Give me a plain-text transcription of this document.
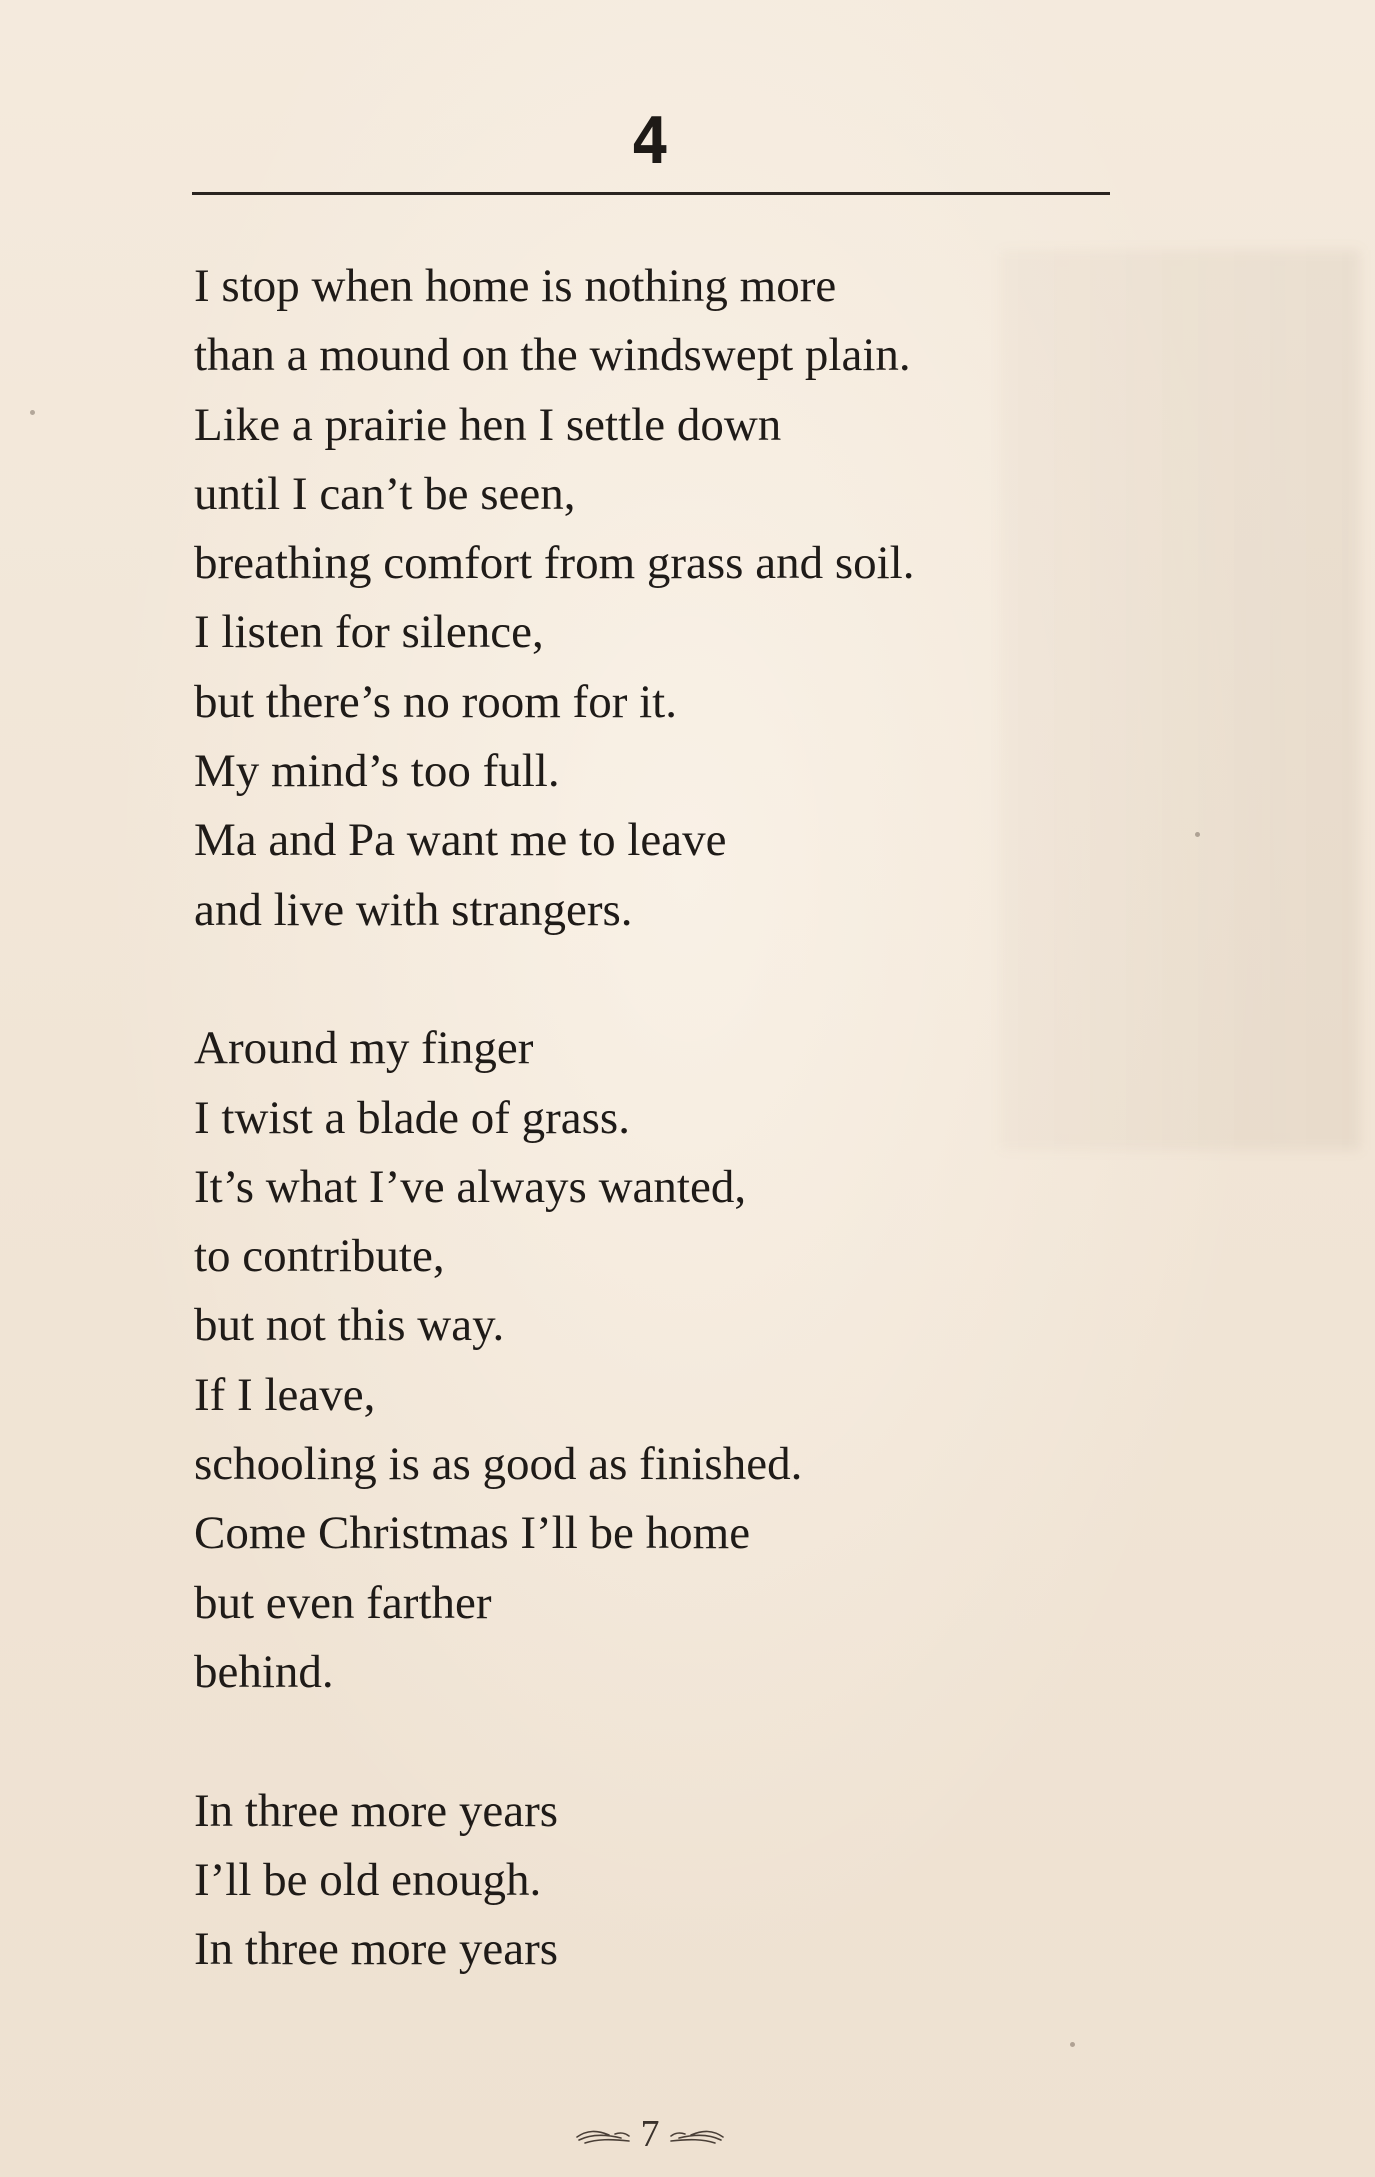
4
I stop when home is nothing more
than a mound on the windswept plain.
Like a prairie hen I settle down
until I can’t be seen,
breathing comfort from grass and soil.
I listen for silence,
but there’s no room for it.
My mind’s too full.
Ma and Pa want me to leave
and live with strangers.
Around my finger
I twist a blade of grass.
It’s what I’ve always wanted,
to contribute,
but not this way.
If I leave,
schooling is as good as finished.
Come Christmas I’ll be home
but even farther
behind.
In three more years
I’ll be old enough.
In three more years
7
